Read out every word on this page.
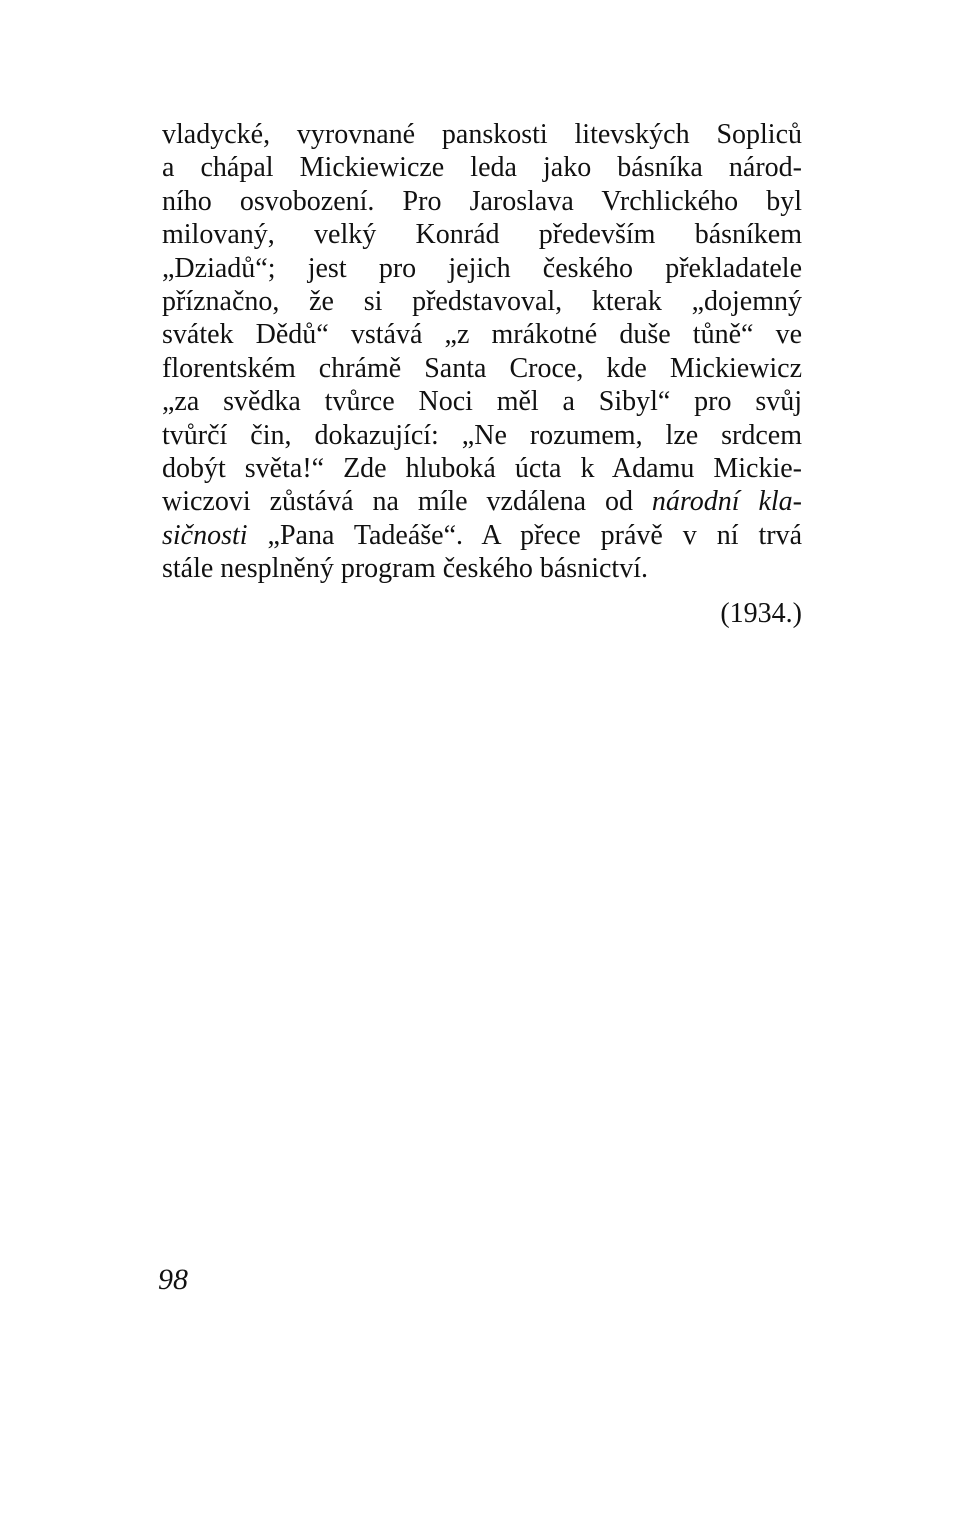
vladycké, vyrovnané panskosti litevských Sopliců
a chápal Mickiewicze leda jako básníka národ-
ního osvobození. Pro Jaroslava Vrchlického byl
milovaný, velký Konrád především básníkem
„Dziadů“; jest pro jejich českého překladatele
příznačno, že si představoval, kterak „dojemný
svátek Dědů“ vstává „z mrákotné duše tůně“ ve
florentském chrámě Santa Croce, kde Mickiewicz
„za svědka tvůrce Noci měl a Sibyl“ pro svůj
tvůrčí čin, dokazující: „Ne rozumem, lze srdcem
dobýt světa!“ Zde hluboká úcta k Adamu Mickie-
wiczovi zůstává na míle vzdálena od národní kla-
sičnosti „Pana Tadeáše“. A přece právě v ní trvá
stále nesplněný program českého básnictví.
(1934.)
98
